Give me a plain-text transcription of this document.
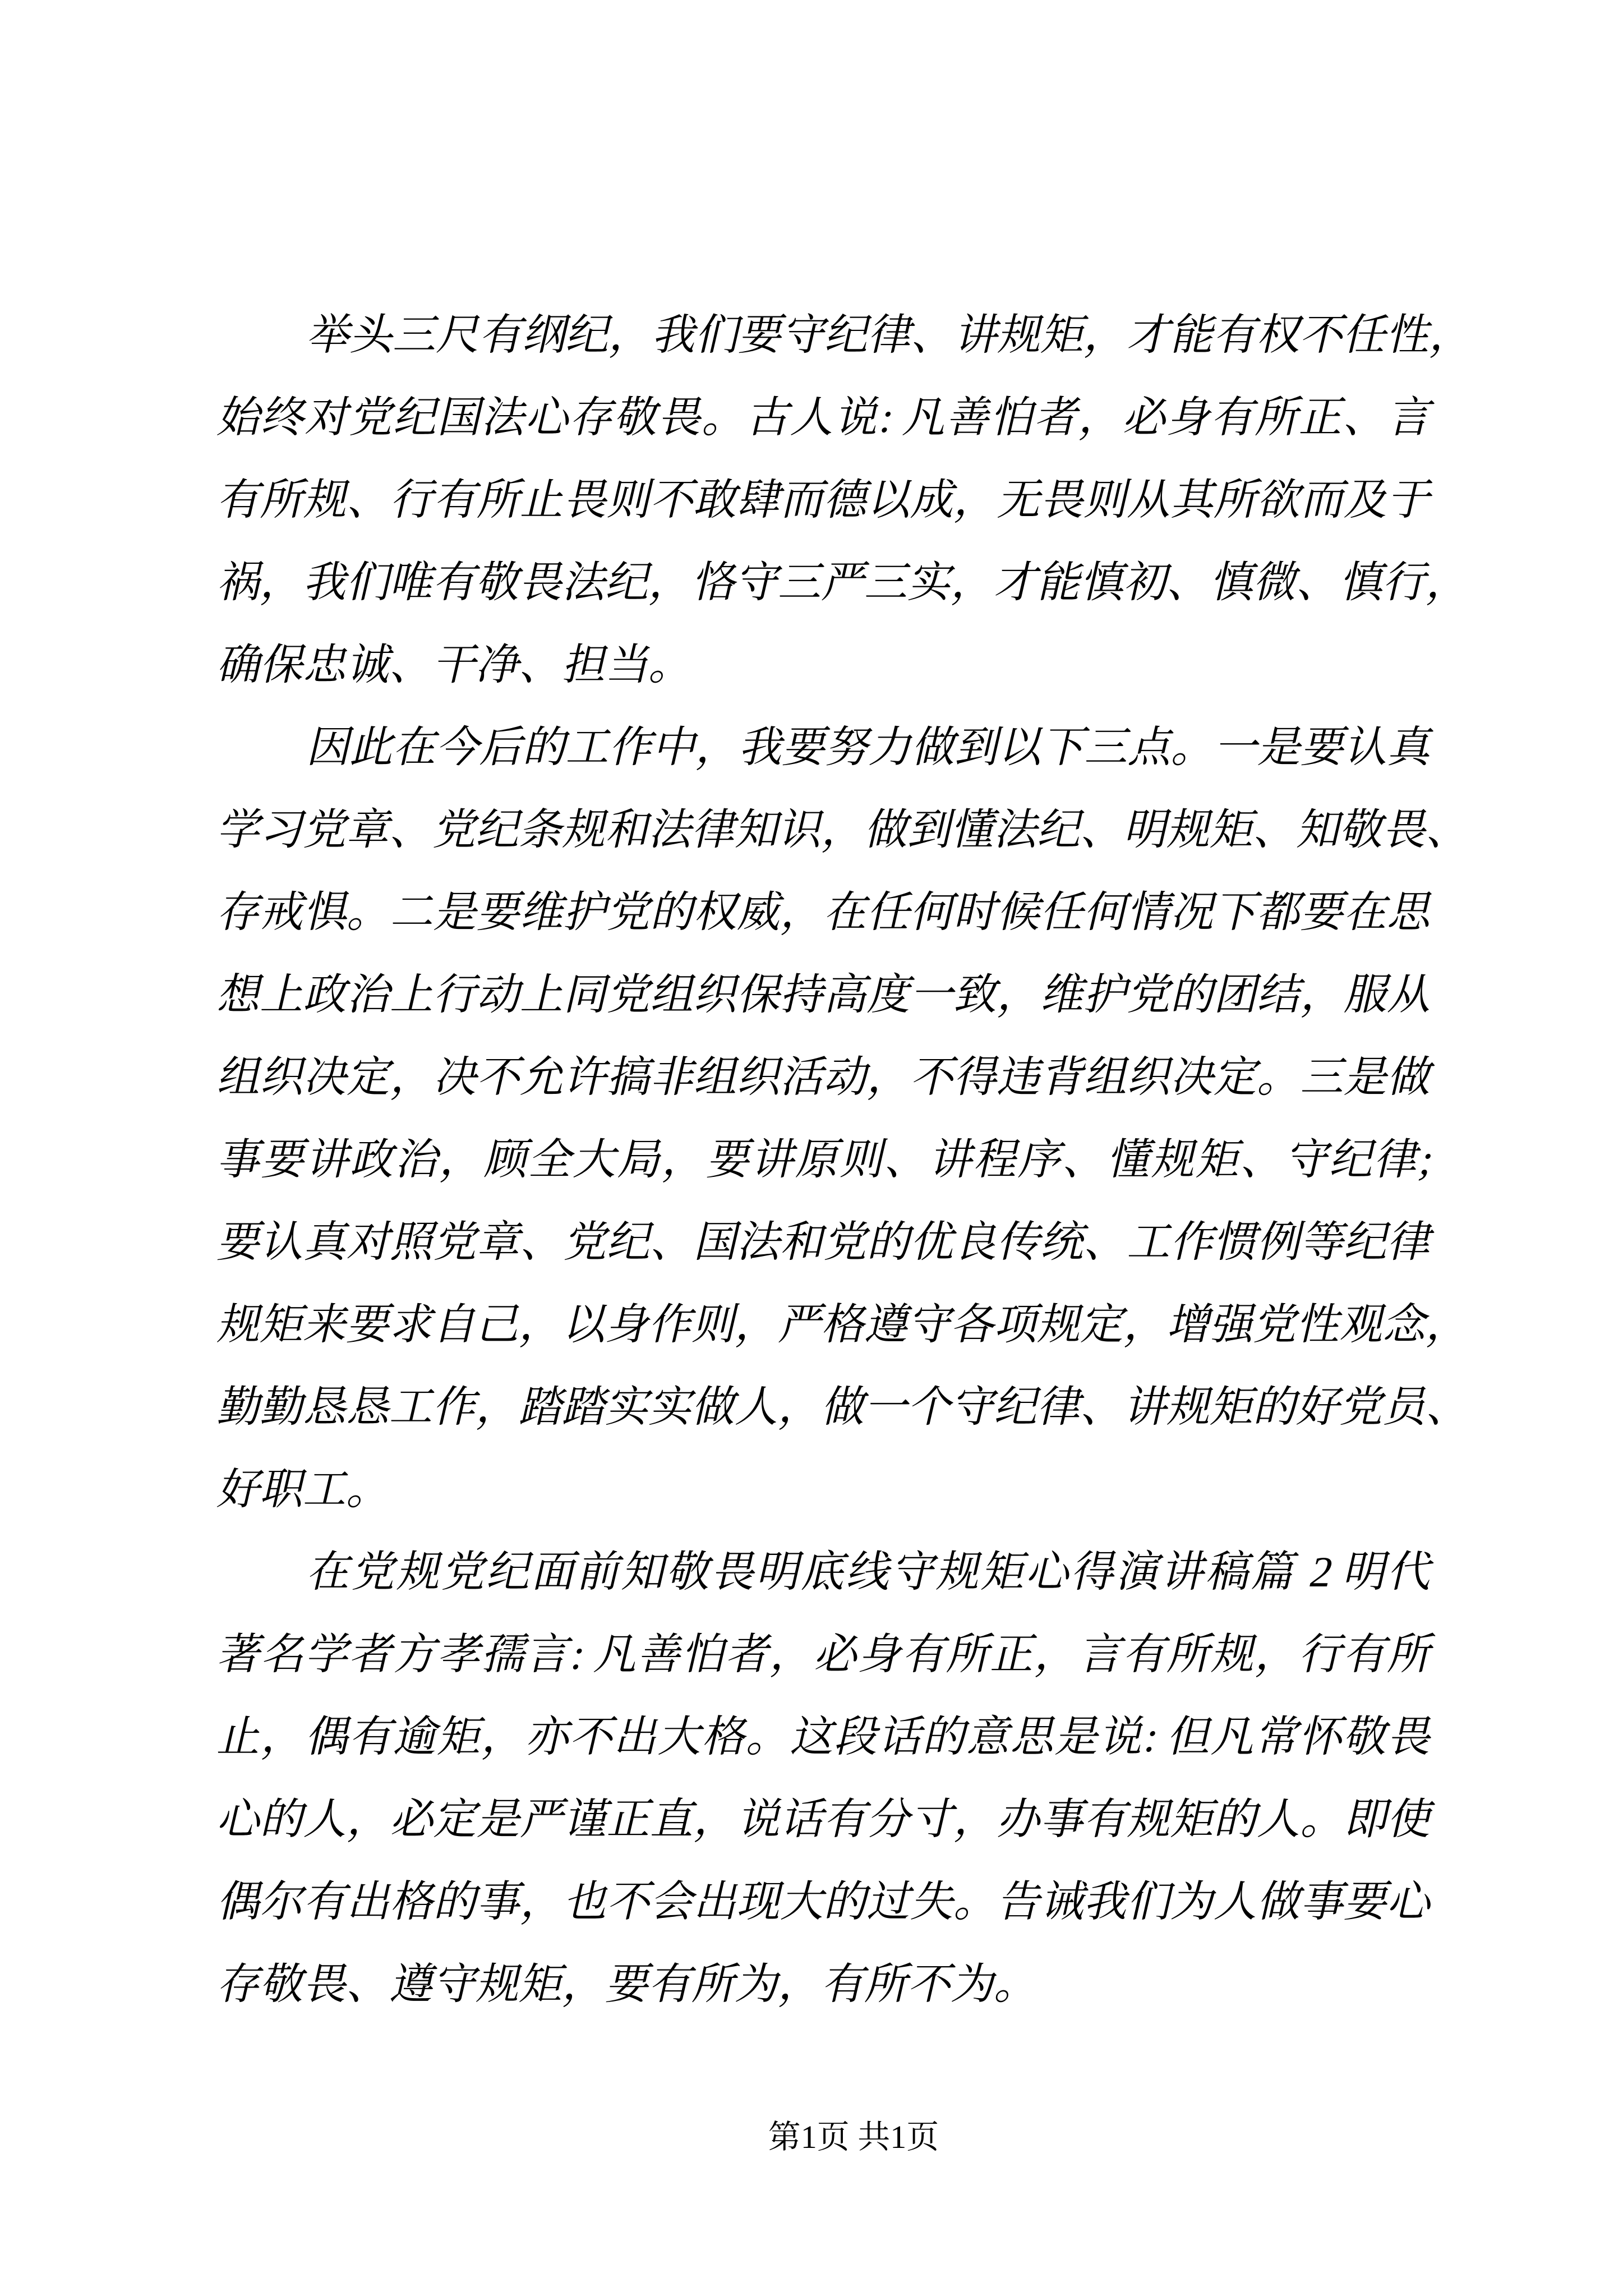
举头三尺有纲纪，我们要守纪律、讲规矩，才能有权不任性，
始终对党纪国法心存敬畏。古人说: 凡善怕者，必身有所正、言
有所规、行有所止畏则不敢肆而德以成，无畏则从其所欲而及于
祸，我们唯有敬畏法纪，恪守三严三实，才能慎初、慎微、慎行，
确保忠诚、干净、担当。
因此在今后的工作中，我要努力做到以下三点。一是要认真
学习党章、党纪条规和法律知识，做到懂法纪、明规矩、知敬畏、
存戒惧。二是要维护党的权威，在任何时候任何情况下都要在思
想上政治上行动上同党组织保持高度一致，维护党的团结，服从
组织决定，决不允许搞非组织活动，不得违背组织决定。三是做
事要讲政治，顾全大局，要讲原则、讲程序、懂规矩、守纪律;
要认真对照党章、党纪、国法和党的优良传统、工作惯例等纪律
规矩来要求自己，以身作则，严格遵守各项规定，增强党性观念，
勤勤恳恳工作，踏踏实实做人，做一个守纪律、讲规矩的好党员、
好职工。
在党规党纪面前知敬畏明底线守规矩心得演讲稿篇 2 明代
著名学者方孝孺言: 凡善怕者，必身有所正，言有所规，行有所
止，偶有逾矩，亦不出大格。这段话的意思是说: 但凡常怀敬畏
心的人，必定是严谨正直，说话有分寸，办事有规矩的人。即使
偶尔有出格的事，也不会出现大的过失。告诫我们为人做事要心
存敬畏、遵守规矩，要有所为，有所不为。
第1页 共1页
